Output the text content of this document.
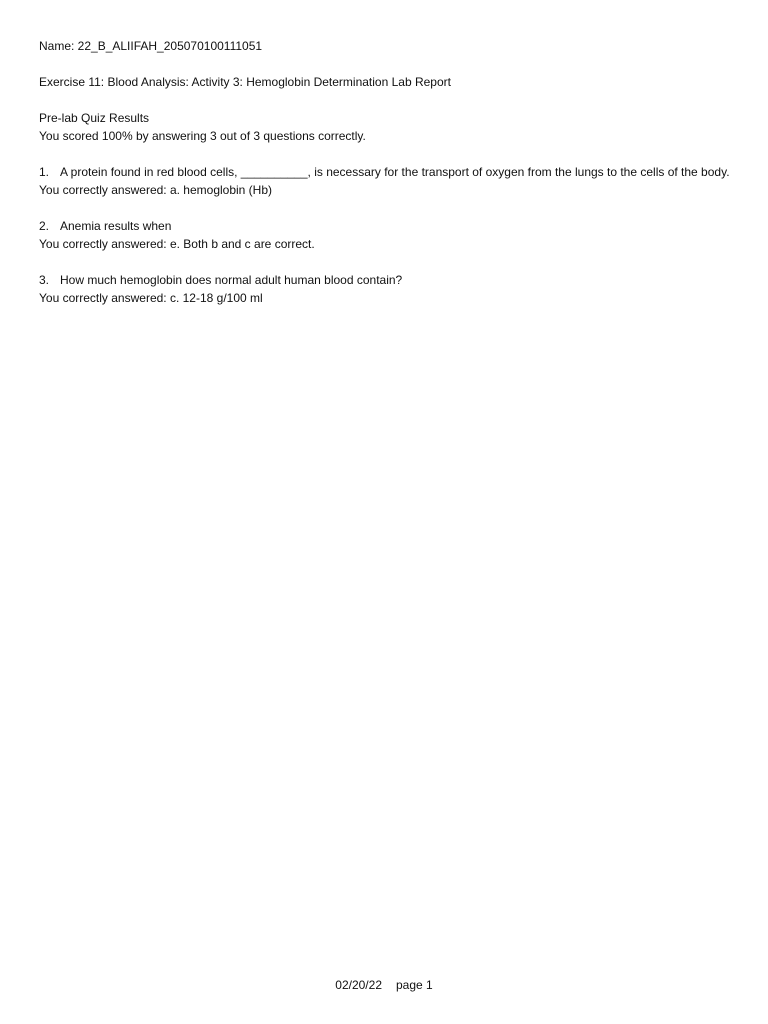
Name: 22_B_ALIIFAH_205070100111051
Exercise 11: Blood Analysis: Activity 3: Hemoglobin Determination Lab Report
Pre-lab Quiz Results
You scored 100% by answering 3 out of 3 questions correctly.
1. A protein found in red blood cells, __________, is necessary for the transport of oxygen from the lungs to the cells of the body.
You correctly answered: a. hemoglobin (Hb)
2. Anemia results when
You correctly answered: e. Both b and c are correct.
3. How much hemoglobin does normal adult human blood contain?
You correctly answered: c. 12-18 g/100 ml
02/20/22 page 1
